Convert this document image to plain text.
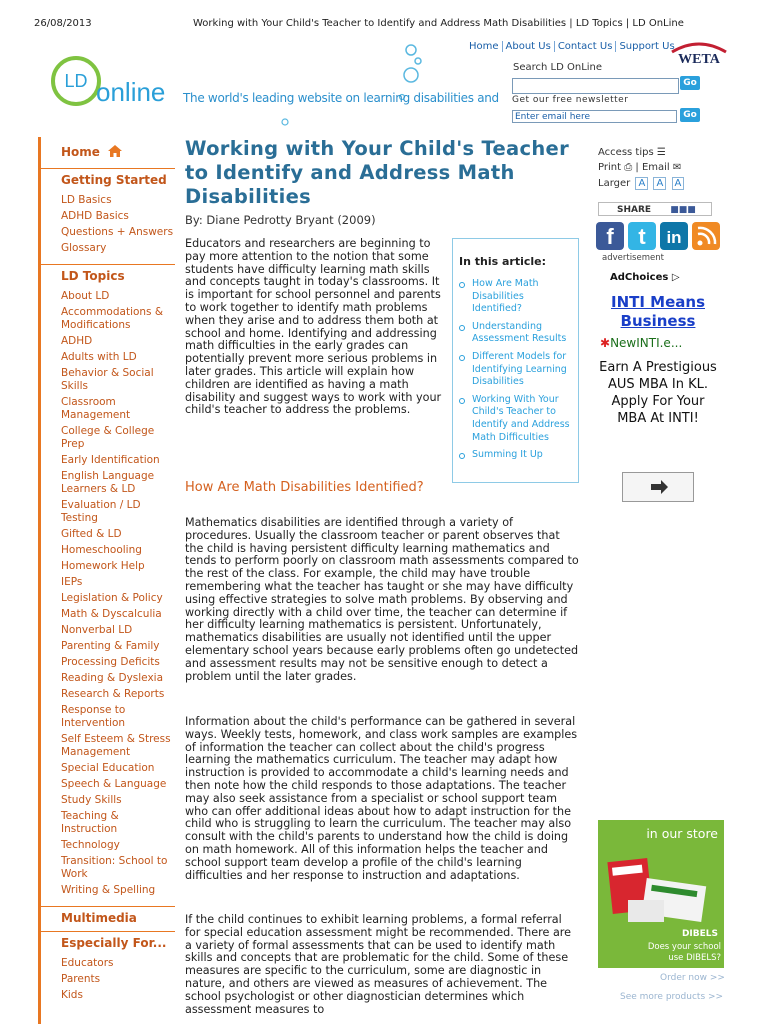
26/08/2013	Working with Your Child's Teacher to Identify and Address Math Disabilities | LD Topics | LD OnLine
Home About Us Contact Us Support Us
WETA
LD online The world's leading website on learning disabilities and
Search LD OnLine
Go
Get our free newsletter
Enter email here	Go
Home
Getting Started
LD Basics
ADHD Basics
Questions + Answers
Glossary
LD Topics
About LD
Accommodations & Modifications
ADHD
Adults with LD
Behavior & Social Skills
Classroom Management
College & College Prep
Early Identification
English Language Learners & LD
Evaluation / LD Testing
Gifted & LD
Homeschooling
Homework Help
IEPs
Legislation & Policy
Math & Dyscalculia
Nonverbal LD
Parenting & Family
Processing Deficits
Reading & Dyslexia
Research & Reports
Response to Intervention
Self Esteem & Stress Management
Special Education
Speech & Language
Study Skills
Teaching & Instruction
Technology
Transition: School to Work
Writing & Spelling
Multimedia
Especially For...
Educators
Parents
Kids
Working with Your Child's Teacher to Identify and Address Math Disabilities
By: Diane Pedrotty Bryant (2009)
Educators and researchers are beginning to pay more attention to the notion that some students have difficulty learning math skills and concepts taught in today's classrooms. It is important for school personnel and parents to work together to identify math problems when they arise and to address them both at school and home. Identifying and addressing math difficulties in the early grades can potentially prevent more serious problems in later grades. This article will explain how children are identified as having a math disability and suggest ways to work with your child's teacher to address the problems.
In this article:
How Are Math Disabilities Identified?
Understanding Assessment Results
Different Models for Identifying Learning Disabilities
Working With Your Child's Teacher to Identify and Address Math Difficulties
Summing It Up
How Are Math Disabilities Identified?
Mathematics disabilities are identified through a variety of procedures. Usually the classroom teacher or parent observes that the child is having persistent difficulty learning mathematics and tends to perform poorly on classroom math assessments compared to the rest of the class. For example, the child may have trouble remembering what the teacher has taught or she may have difficulty using effective strategies to solve math problems. By observing and working directly with a child over time, the teacher can determine if her difficulty learning mathematics is persistent. Unfortunately, mathematics disabilities are usually not identified until the upper elementary school years because early problems often go undetected and assessment results may not be sensitive enough to detect a problem until the later grades.
Information about the child's performance can be gathered in several ways. Weekly tests, homework, and class work samples are examples of information the teacher can collect about the child's progress learning the mathematics curriculum. The teacher may adapt how instruction is provided to accommodate a child's learning needs and then note how the child responds to those adaptations. The teacher may also seek assistance from a specialist or school support team who can offer additional ideas about how to adapt instruction for the child who is struggling to learn the curriculum. The teacher may also consult with the child's parents to understand how the child is doing on math homework. All of this information helps the teacher and school support team develop a profile of the child's learning difficulties and her response to instruction and adaptations.
If the child continues to exhibit learning problems, a formal referral for special education assessment might be recommended. There are a variety of formal assessments that can be used to identify math skills and concepts that are problematic for the child. Some of these measures are specific to the curriculum, some are diagnostic in nature, and others are viewed as measures of achievement. The school psychologist or other diagnostician determines which assessment measures to
Access tips ☰
Print ⎙ | Email ✉
Larger A A A
SHARE ■■■
f t in
advertisement
AdChoices ▷
INTI Means Business
✱NewINTI.e...
Earn A Prestigious AUS MBA In KL. Apply For Your MBA At INTI!
in our store
DIBELS
Does your school use DIBELS?
Order now >>
See more products >>
